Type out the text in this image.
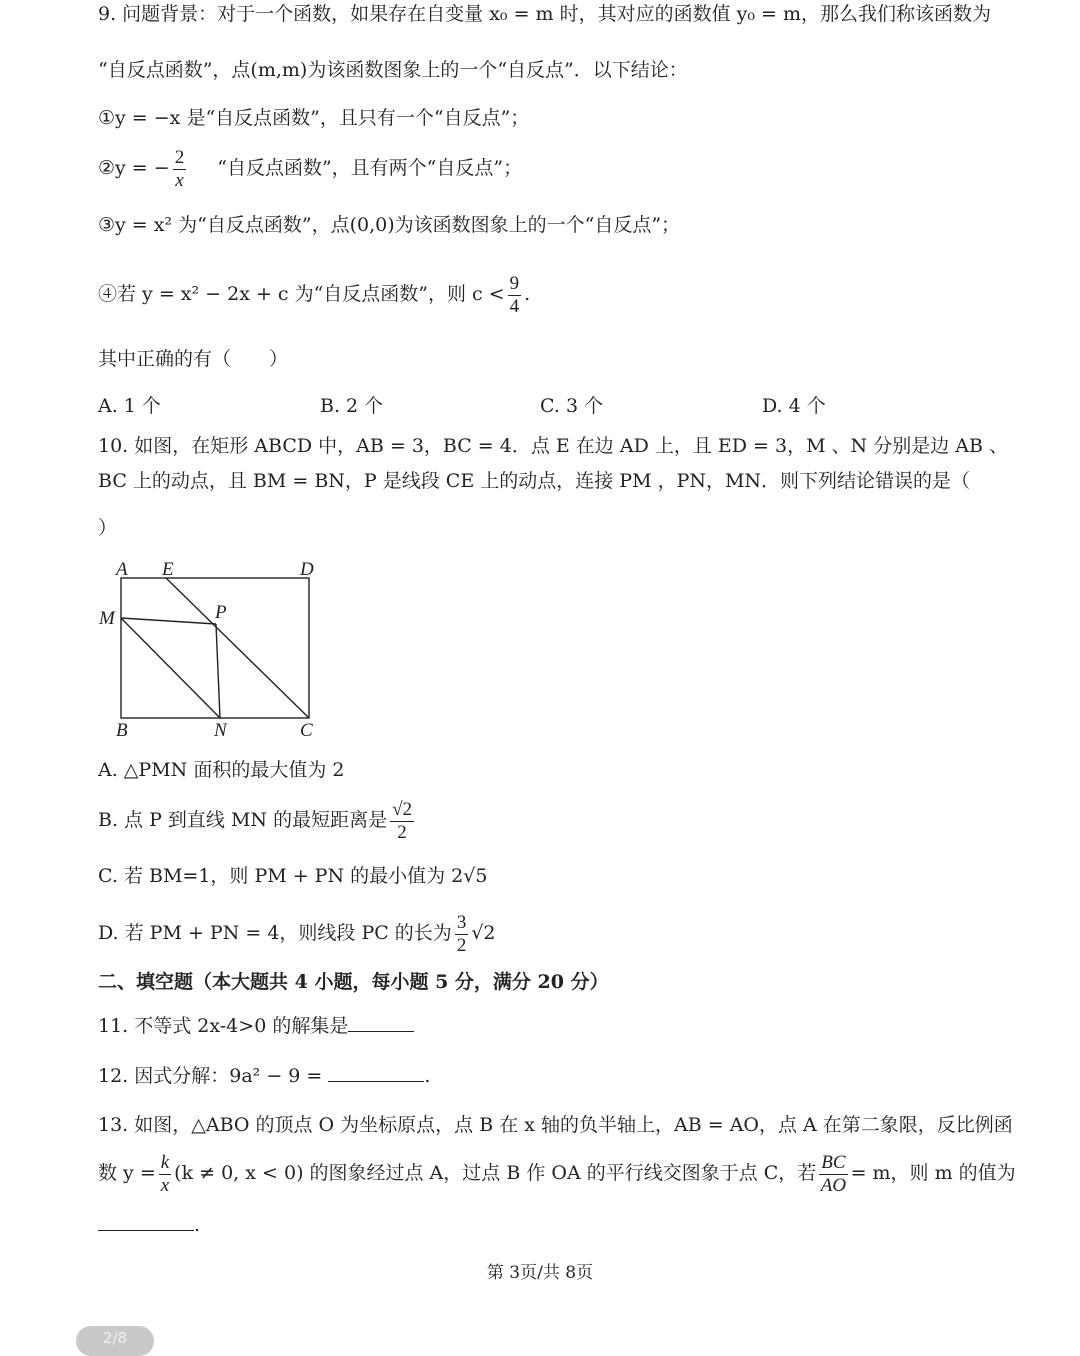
9. 问题背景：对于一个函数，如果存在自变量 x₀ = m 时，其对应的函数值 y₀ = m，那么我们称该函数为
“自反点函数”，点(m,m)为该函数图象上的一个“自反点”．以下结论：
①y = −x 是“自反点函数”，且只有一个“自反点”；
②y = − $\frac{2}{x}$ “自反点函数”，且有两个“自反点”；
③y = x² 为“自反点函数”，点(0,0)为该函数图象上的一个“自反点”；
④若 y = x² − 2x + c 为“自反点函数”，则 $c < \frac{9}{4}$ .
其中正确的有（　　）
A. 1 个	B. 2 个	C. 3 个	D. 4 个
10. 如图，在矩形 ABCD 中，AB = 3，BC = 4．点 E 在边 AD 上，且 ED = 3，M 、N 分别是边 AB 、
BC 上的动点，且 BM = BN，P 是线段 CE 上的动点，连接 PM ，PN，MN．则下列结论错误的是（
）
A E	D
M	P
B	N	C
A. △PMN 面积的最大值为 2
B. 点 P 到直线 MN 的最短距离是 $\frac{√2}{2}$
C. 若 BM=1，则 PM + PN 的最小值为 2√5
D. 若 PM + PN = 4，则线段 PC 的长为 $\frac{3}{2} √2$
二、填空题（本大题共 4 小题，每小题 5 分，满分 20 分）
11. 不等式 2x-4>0 的解集是
12. 因式分解：9a² − 9 =	.
13. 如图，△ABO 的顶点 O 为坐标原点，点 B 在 x 轴的负半轴上，AB = AO，点 A 在第二象限，反比例函
数 $y = \frac{k}{x} (k \ne 0$, x < 0) 的图象经过点 A，过点 B 作 OA 的平行线交图象于点 C，若 $\frac{BC}{AO} = m$，则 m 的值为
.
第 3页/共 8页
2/8
